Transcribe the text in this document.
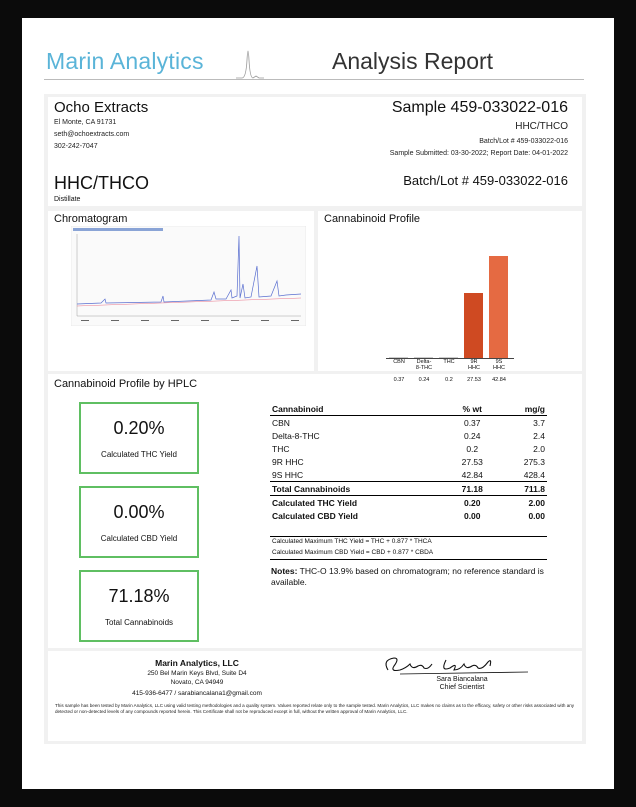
Marin Analytics	Analysis Report
Ocho Extracts
El Monte, CA 91731
seth@ochoextracts.com
302-242-7047
Sample 459-033022-016
HHC/THCO
Batch/Lot # 459-033022-016
Sample Submitted: 03-30-2022; Report Date: 04-01-2022
HHC/THCO
Distillate
Batch/Lot # 459-033022-016
Chromatogram	Cannabinoid Profile
Cannabinoid Profile by HPLC
0.20%
Calculated THC Yield
0.00%
Calculated CBD Yield
71.18%
Total Cannabinoids
Cannabinoid	% wt	mg/g
CBN	0.37	3.7
Delta-8-THC	0.24	2.4
THC	0.2	2.0
9R HHC	27.53	275.3
9S HHC	42.84	428.4
Total Cannabinoids	71.18	711.8
Calculated THC Yield	0.20	2.00
Calculated CBD Yield	0.00	0.00
Calculated Maximum THC Yield = THC + 0.877 * THCA
Calculated Maximum CBD Yield = CBD + 0.877 * CBDA
Notes: THC-O 13.9% based on chromatogram; no reference standard is available.
Marin Analytics, LLC
250 Bel Marin Keys Blvd, Suite D4
Novato, CA 94949
415-936-6477 / sarabiancalana1@gmail.com
Sara Biancalana
Chief Scientist
This sample has been tested by Marin Analytics, LLC using valid testing methodologies and a quality system. Values reported relate only to the sample tested. Marin Analytics, LLC makes no claims as to the efficacy, safety or other risks associated with any detected or non-detected levels of any compounds reported herein. This Certificate shall not be reproduced except in full, without the written approval of Marin Analytics, LLC.
CBN
0.37
Delta-
8-THC
0.24
THC
0.2
9R
HHC
27.53
9S
HHC
42.84
